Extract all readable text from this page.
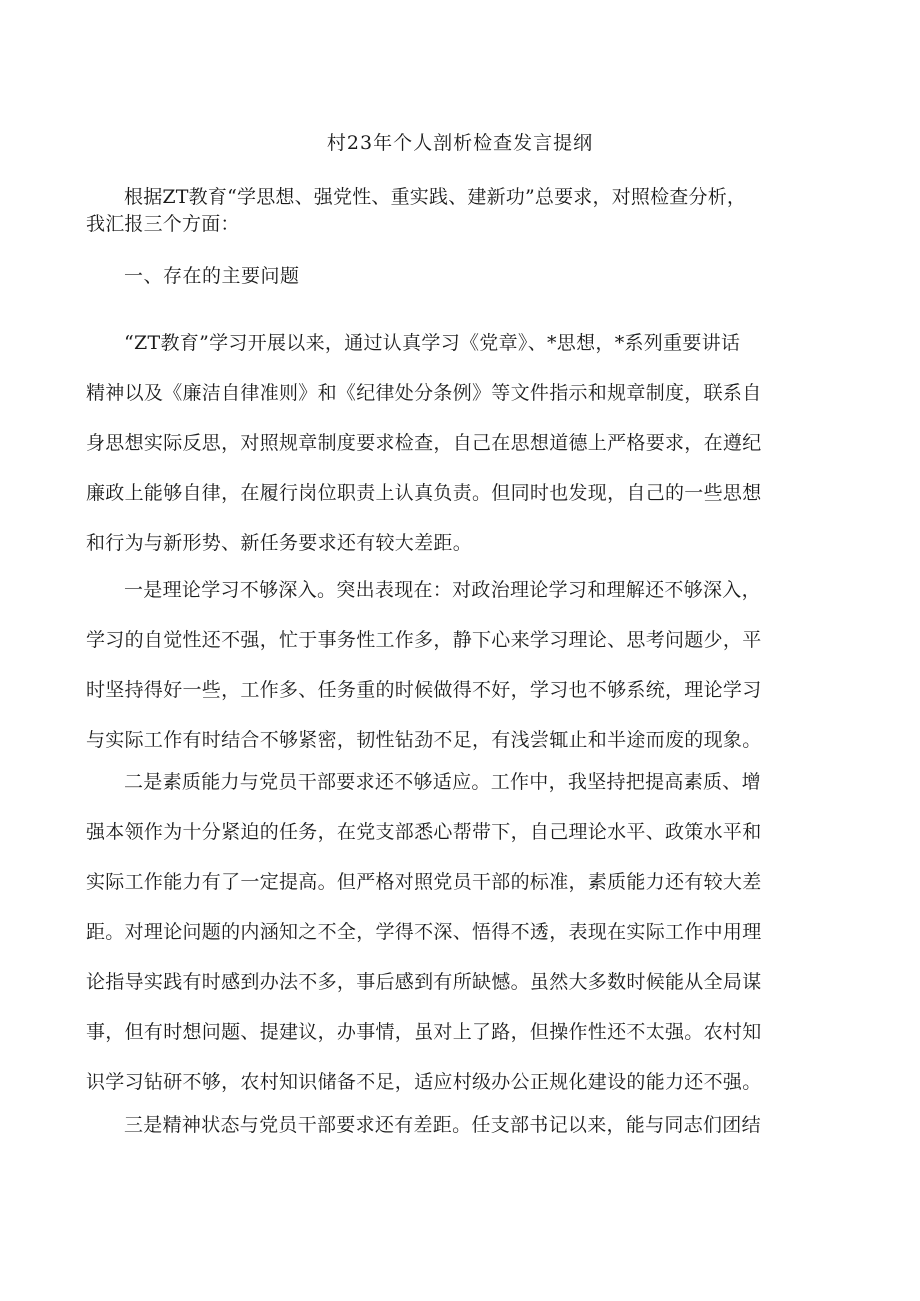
村23年个人剖析检查发言提纲
根据ZT教育“学思想、强党性、重实践、建新功”总要求，对照检查分析，
我汇报三个方面：
一、存在的主要问题
“ZT教育”学习开展以来，通过认真学习《党章》、*思想，*系列重要讲话
精神以及《廉洁自律准则》和《纪律处分条例》等文件指示和规章制度，联系自
身思想实际反思，对照规章制度要求检查，自己在思想道德上严格要求，在遵纪
廉政上能够自律，在履行岗位职责上认真负责。但同时也发现，自己的一些思想
和行为与新形势、新任务要求还有较大差距。
一是理论学习不够深入。突出表现在：对政治理论学习和理解还不够深入，
学习的自觉性还不强，忙于事务性工作多，静下心来学习理论、思考问题少，平
时坚持得好一些，工作多、任务重的时候做得不好，学习也不够系统，理论学习
与实际工作有时结合不够紧密，韧性钻劲不足，有浅尝辄止和半途而废的现象。
二是素质能力与党员干部要求还不够适应。工作中，我坚持把提高素质、增
强本领作为十分紧迫的任务，在党支部悉心帮带下，自己理论水平、政策水平和
实际工作能力有了一定提高。但严格对照党员干部的标准，素质能力还有较大差
距。对理论问题的内涵知之不全，学得不深、悟得不透，表现在实际工作中用理
论指导实践有时感到办法不多，事后感到有所缺憾。虽然大多数时候能从全局谋
事，但有时想问题、提建议，办事情，虽对上了路，但操作性还不太强。农村知
识学习钻研不够，农村知识储备不足，适应村级办公正规化建设的能力还不强。
三是精神状态与党员干部要求还有差距。任支部书记以来，能与同志们团结
